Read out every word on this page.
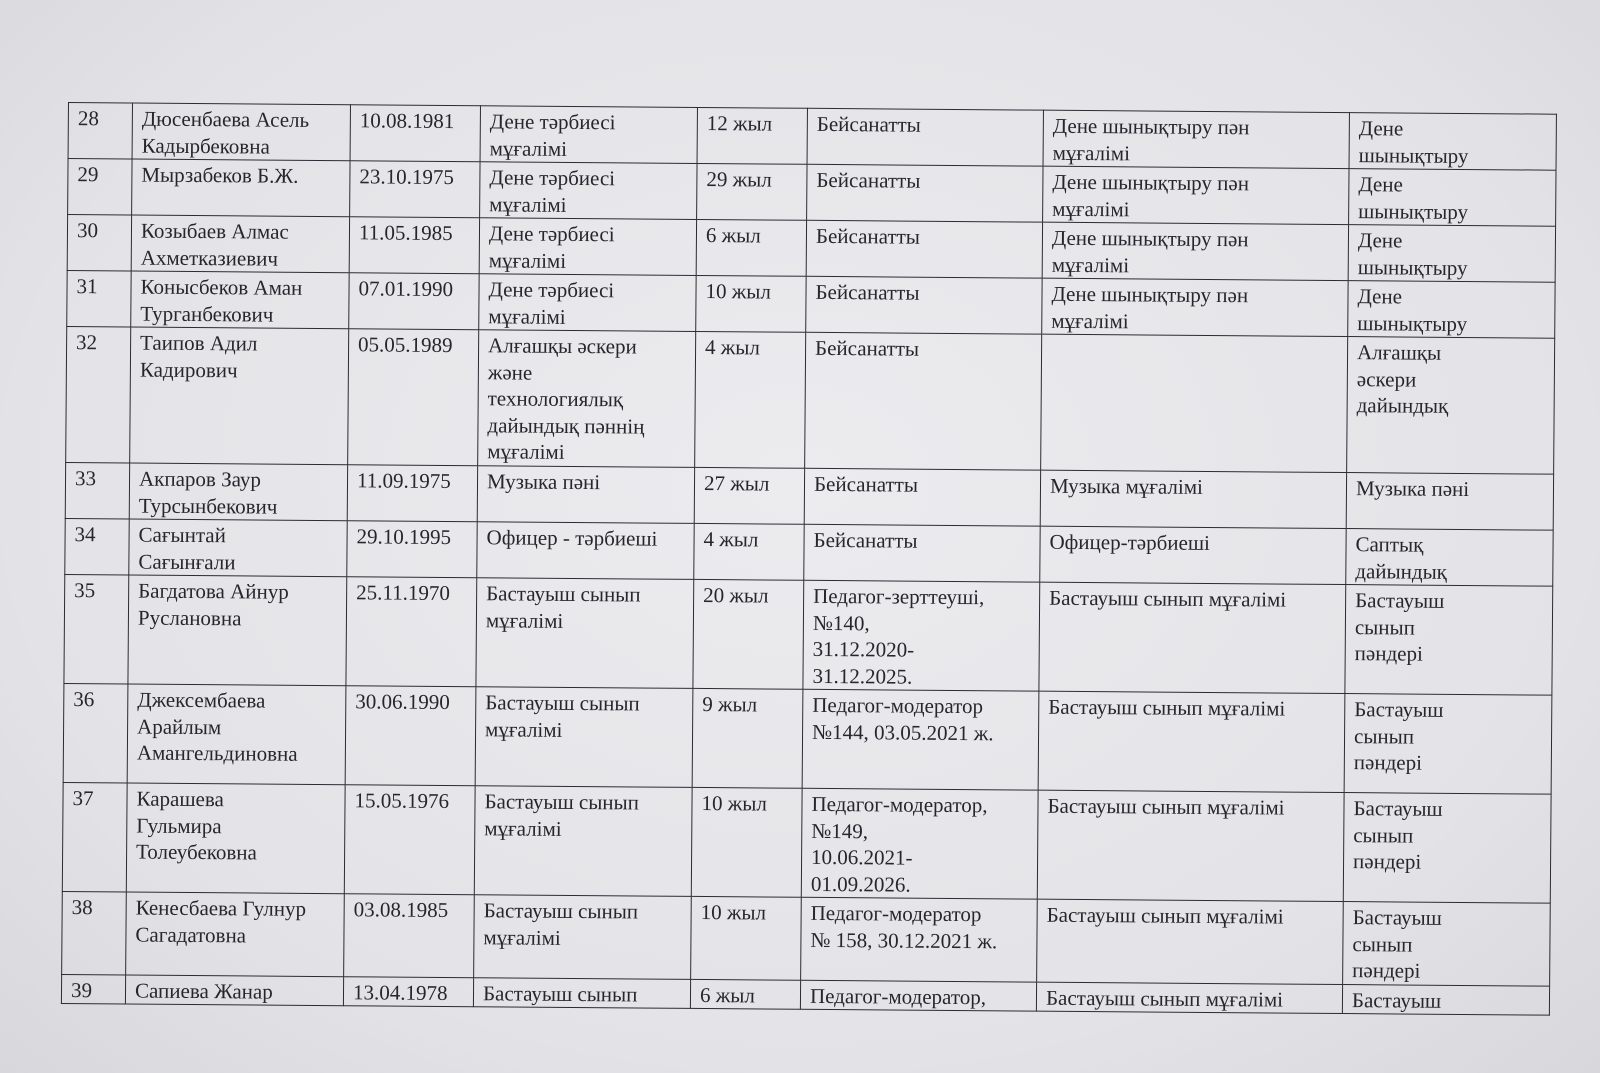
28	Дюсенбаева Асель
Кадырбековна	10.08.1981	Дене тәрбиесі
мұғалімі	12 жыл	Бейсанатты	Дене шынықтыру пән
мұғалімі	Дене
шынықтыру

29	Мырзабеков Б.Ж.	23.10.1975	Дене тәрбиесі
мұғалімі	29 жыл	Бейсанатты	Дене шынықтыру пән
мұғалімі	Дене
шынықтыру

30	Козыбаев Алмас
Ахметказиевич	11.05.1985	Дене тәрбиесі
мұғалімі	6 жыл	Бейсанатты	Дене шынықтыру пән
мұғалімі	Дене
шынықтыру

31	Конысбеков Аман
Турганбекович	07.01.1990	Дене тәрбиесі
мұғалімі	10 жыл	Бейсанатты	Дене шынықтыру пән
мұғалімі	Дене
шынықтыру

32	Таипов Адил
Кадирович	05.05.1989	Алғашқы әскери
және
технологиялық
дайындық пәннің
мұғалімі	4 жыл	Бейсанатты		Алғашқы
әскери
дайындық

33	Акпаров Заур
Турсынбекович	11.09.1975	Музыка пәні	27 жыл	Бейсанатты	Музыка мұғалімі	Музыка пәні

34	Сағынтай
Сағынғали	29.10.1995	Офицер - тәрбиеші	4 жыл	Бейсанатты	Офицер-тәрбиеші	Саптық
дайындық

35	Багдатова Айнур
Руслановна	25.11.1970	Бастауыш сынып
мұғалімі	20 жыл	Педагог-зерттеуші,
№140,
31.12.2020-
31.12.2025.	Бастауыш сынып мұғалімі	Бастауыш
сынып
пәндері

36	Джексембаева
Арайлым
Амангельдиновна	30.06.1990	Бастауыш сынып
мұғалімі	9 жыл	Педагог-модератор
№144, 03.05.2021 ж.	Бастауыш сынып мұғалімі	Бастауыш
сынып
пәндері

37	Карашева
Гульмира
Толеубековна	15.05.1976	Бастауыш сынып
мұғалімі	10 жыл	Педагог-модератор,
№149,
10.06.2021-
01.09.2026.	Бастауыш сынып мұғалімі	Бастауыш
сынып
пәндері

38	Кенесбаева Гулнур
Сагадатовна	03.08.1985	Бастауыш сынып
мұғалімі	10 жыл	Педагог-модератор
№ 158, 30.12.2021 ж.	Бастауыш сынып мұғалімі	Бастауыш
сынып
пәндері

39	Сапиева Жанар	13.04.1978	Бастауыш сынып	6 жыл	Педагог-модератор,	Бастауыш сынып мұғалімі	Бастауыш
